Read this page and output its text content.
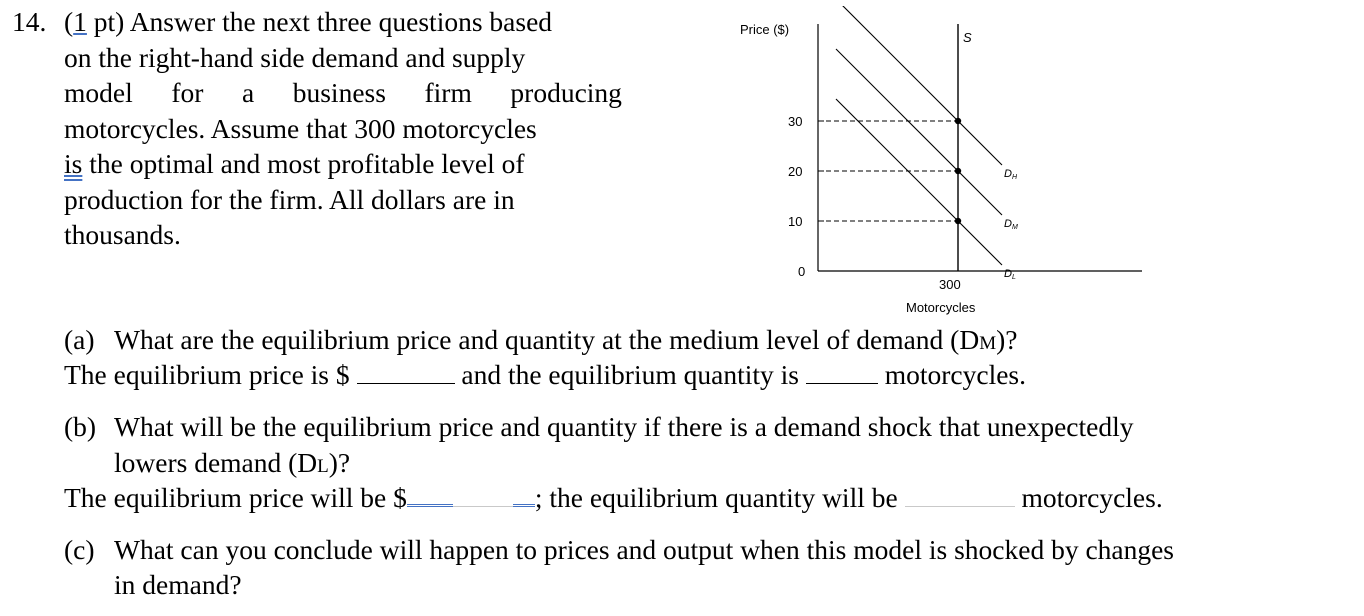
14. (1 pt) Answer the next three questions based
on the right-hand side demand and supply
model for a business firm producing
motorcycles. Assume that 300 motorcycles
is the optimal and most profitable level of
production for the firm. All dollars are in
thousands.
Price ($)
0
10
20
30
S
DL
DM
DH
300
Motorcycles
(a) What are the equilibrium price and quantity at the medium level of demand (DM)?
The equilibrium price is $	and the equilibrium quantity is	motorcycles.
(b) What will be the equilibrium price and quantity if there is a demand shock that unexpectedly
lowers demand (DL)?
The equilibrium price will be $	; the equilibrium quantity will be	motorcycles.
(c) What can you conclude will happen to prices and output when this model is shocked by changes
in demand?
